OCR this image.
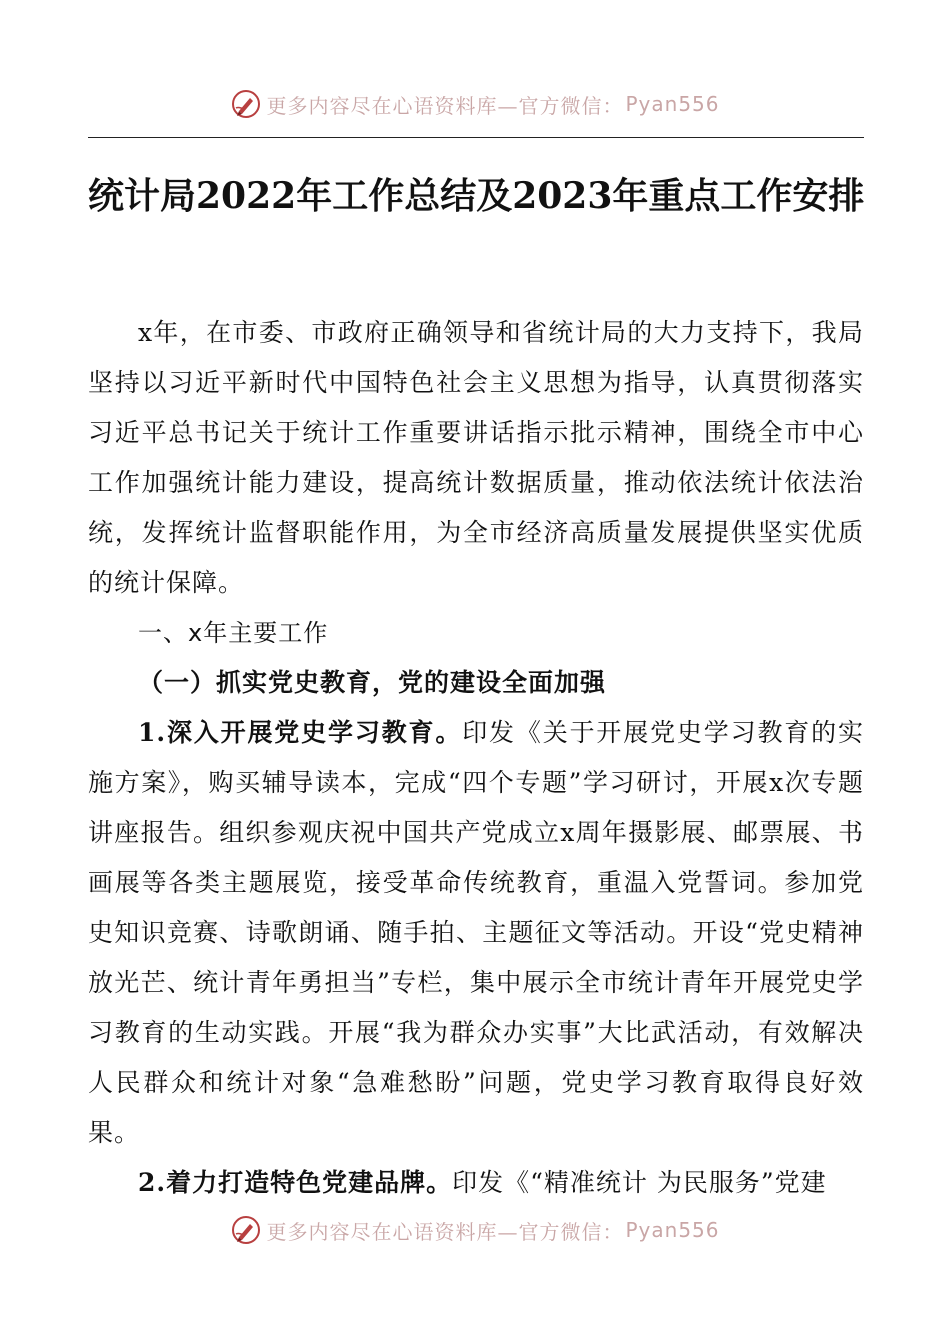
更多内容尽在心语资料库—官方微信： Pyan556
统计局2022年工作总结及2023年重点工作安排

x年，在市委、市政府正确领导和省统计局的大力支持下，我局坚持以习近平新时代中国特色社会主义思想为指导，认真贯彻落实习近平总书记关于统计工作重要讲话指示批示精神，围绕全市中心工作加强统计能力建设，提高统计数据质量，推动依法统计依法治统，发挥统计监督职能作用，为全市经济高质量发展提供坚实优质的统计保障。

一、x年主要工作

（一）抓实党史教育，党的建设全面加强

1.深入开展党史学习教育。印发《关于开展党史学习教育的实施方案》，购买辅导读本，完成“四个专题”学习研讨，开展x次专题讲座报告。组织参观庆祝中国共产党成立x周年摄影展、邮票展、书画展等各类主题展览，接受革命传统教育，重温入党誓词。参加党史知识竞赛、诗歌朗诵、随手拍、主题征文等活动。开设“党史精神放光芒、统计青年勇担当”专栏，集中展示全市统计青年开展党史学习教育的生动实践。开展“我为群众办实事”大比武活动，有效解决人民群众和统计对象“急难愁盼”问题，党史学习教育取得良好效果。

2.着力打造特色党建品牌。印发《“精准统计 为民服务”党建

更多内容尽在心语资料库—官方微信： Pyan556
